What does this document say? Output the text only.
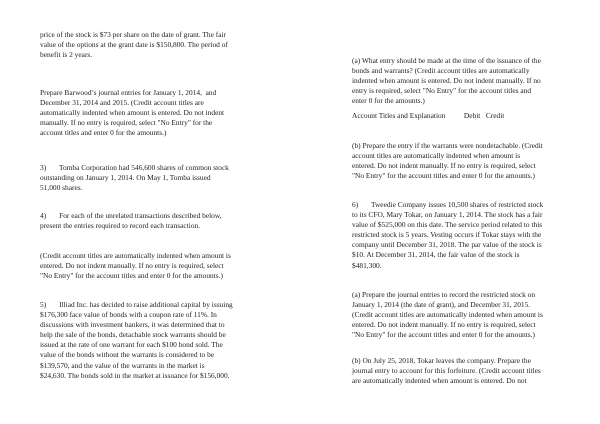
price of the stock is $73 per share on the date of grant. The fair
value of the options at the grant date is $150,800. The period of
benefit is 2 years.

Prepare Barwood’s journal entries for January 1, 2014,  and
December 31, 2014 and 2015. (Credit account titles are
automatically indented when amount is entered. Do not indent
manually. If no entry is required, select "No Entry" for the
account titles and enter 0 for the amounts.)

3)       Tomba Corporation had 546,600 shares of common stock
outstanding on January 1, 2014. On May 1, Tomba issued
51,000 shares.

4)       For each of the unrelated transactions described below,
present the entries required to record each transaction.

(Credit account titles are automatically indented when amount is
entered. Do not indent manually. If no entry is required, select
"No Entry" for the account titles and enter 0 for the amounts.)

5)       Illiad Inc. has decided to raise additional capital by issuing
$176,300 face value of bonds with a coupon rate of 11%. In
discussions with investment bankers, it was determined that to
help the sale of the bonds, detachable stock warrants should be
issued at the rate of one warrant for each $100 bond sold. The
value of the bonds without the warrants is considered to be
$139,570, and the value of the warrants in the market is
$24,630. The bonds sold in the market at issuance for $156,000.

(a) What entry should be made at the time of the issuance of the
bonds and warrants? (Credit account titles are automatically
indented when amount is entered. Do not indent manually. If no
entry is required, select "No Entry" for the account titles and
enter 0 for the amounts.)

Account Titles and Explanation          Debit   Credit

(b) Prepare the entry if the warrants were nondetachable. (Credit
account titles are automatically indented when amount is
entered. Do not indent manually. If no entry is required, select
"No Entry" for the account titles and enter 0 for the amounts.)

6)       Tweedie Company issues 10,500 shares of restricted stock
to its CFO, Mary Tokar, on January 1, 2014. The stock has a fair
value of $525,000 on this date. The service period related to this
restricted stock is 5 years. Vesting occurs if Tokar stays with the
company until December 31, 2018. The par value of the stock is
$10. At December 31, 2014, the fair value of the stock is
$481,300.

(a) Prepare the journal entries to record the restricted stock on
January 1, 2014 (the date of grant), and December 31, 2015.
(Credit account titles are automatically indented when amount is
entered. Do not indent manually. If no entry is required, select
"No Entry" for the account titles and enter 0 for the amounts.)

(b) On July 25, 2018, Tokar leaves the company. Prepare the
journal entry to account for this forfeiture. (Credit account titles
are automatically indented when amount is entered. Do not
